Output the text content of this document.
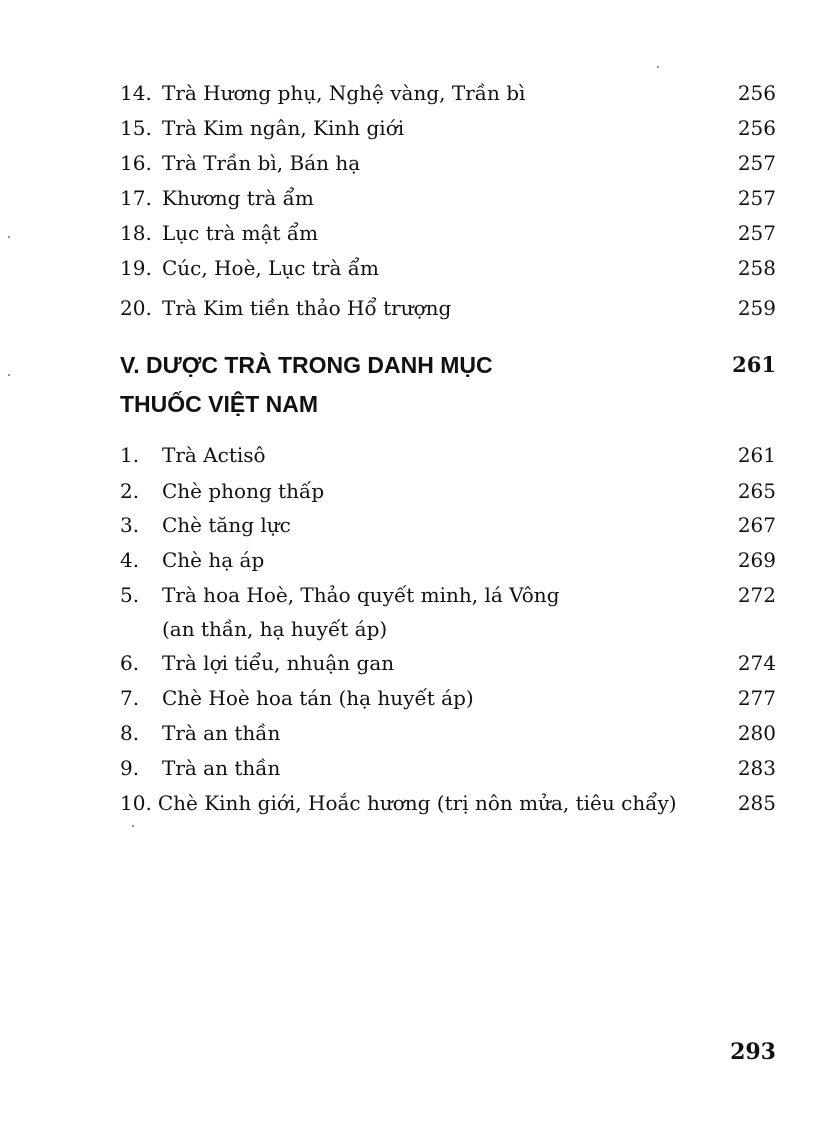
14. Trà Hương phụ, Nghệ vàng, Trần bì	256
15. Trà Kim ngân, Kinh giới	256
16. Trà Trần bì, Bán hạ	257
17. Khương trà ẩm	257
18. Lục trà mật ẩm	257
19. Cúc, Hoè, Lục trà ẩm	258
20. Trà Kim tiền thảo Hổ trượng	259
V. DƯỢC TRÀ TRONG DANH MỤC	261
THUỐC VIỆT NAM
1.	Trà Actisô	261
2.	Chè phong thấp	265
3.	Chè tăng lực	267
4.	Chè hạ áp	269
5.	Trà hoa Hoè, Thảo quyết minh, lá Vông	272
(an thần, hạ huyết áp)
6.	Trà lợi tiểu, nhuận gan	274
7.	Chè Hoè hoa tán (hạ huyết áp)	277
8.	Trà an thần	280
9.	Trà an thần	283
10. Chè Kinh giới, Hoắc hương (trị nôn mửa, tiêu chẩy)	285
293
